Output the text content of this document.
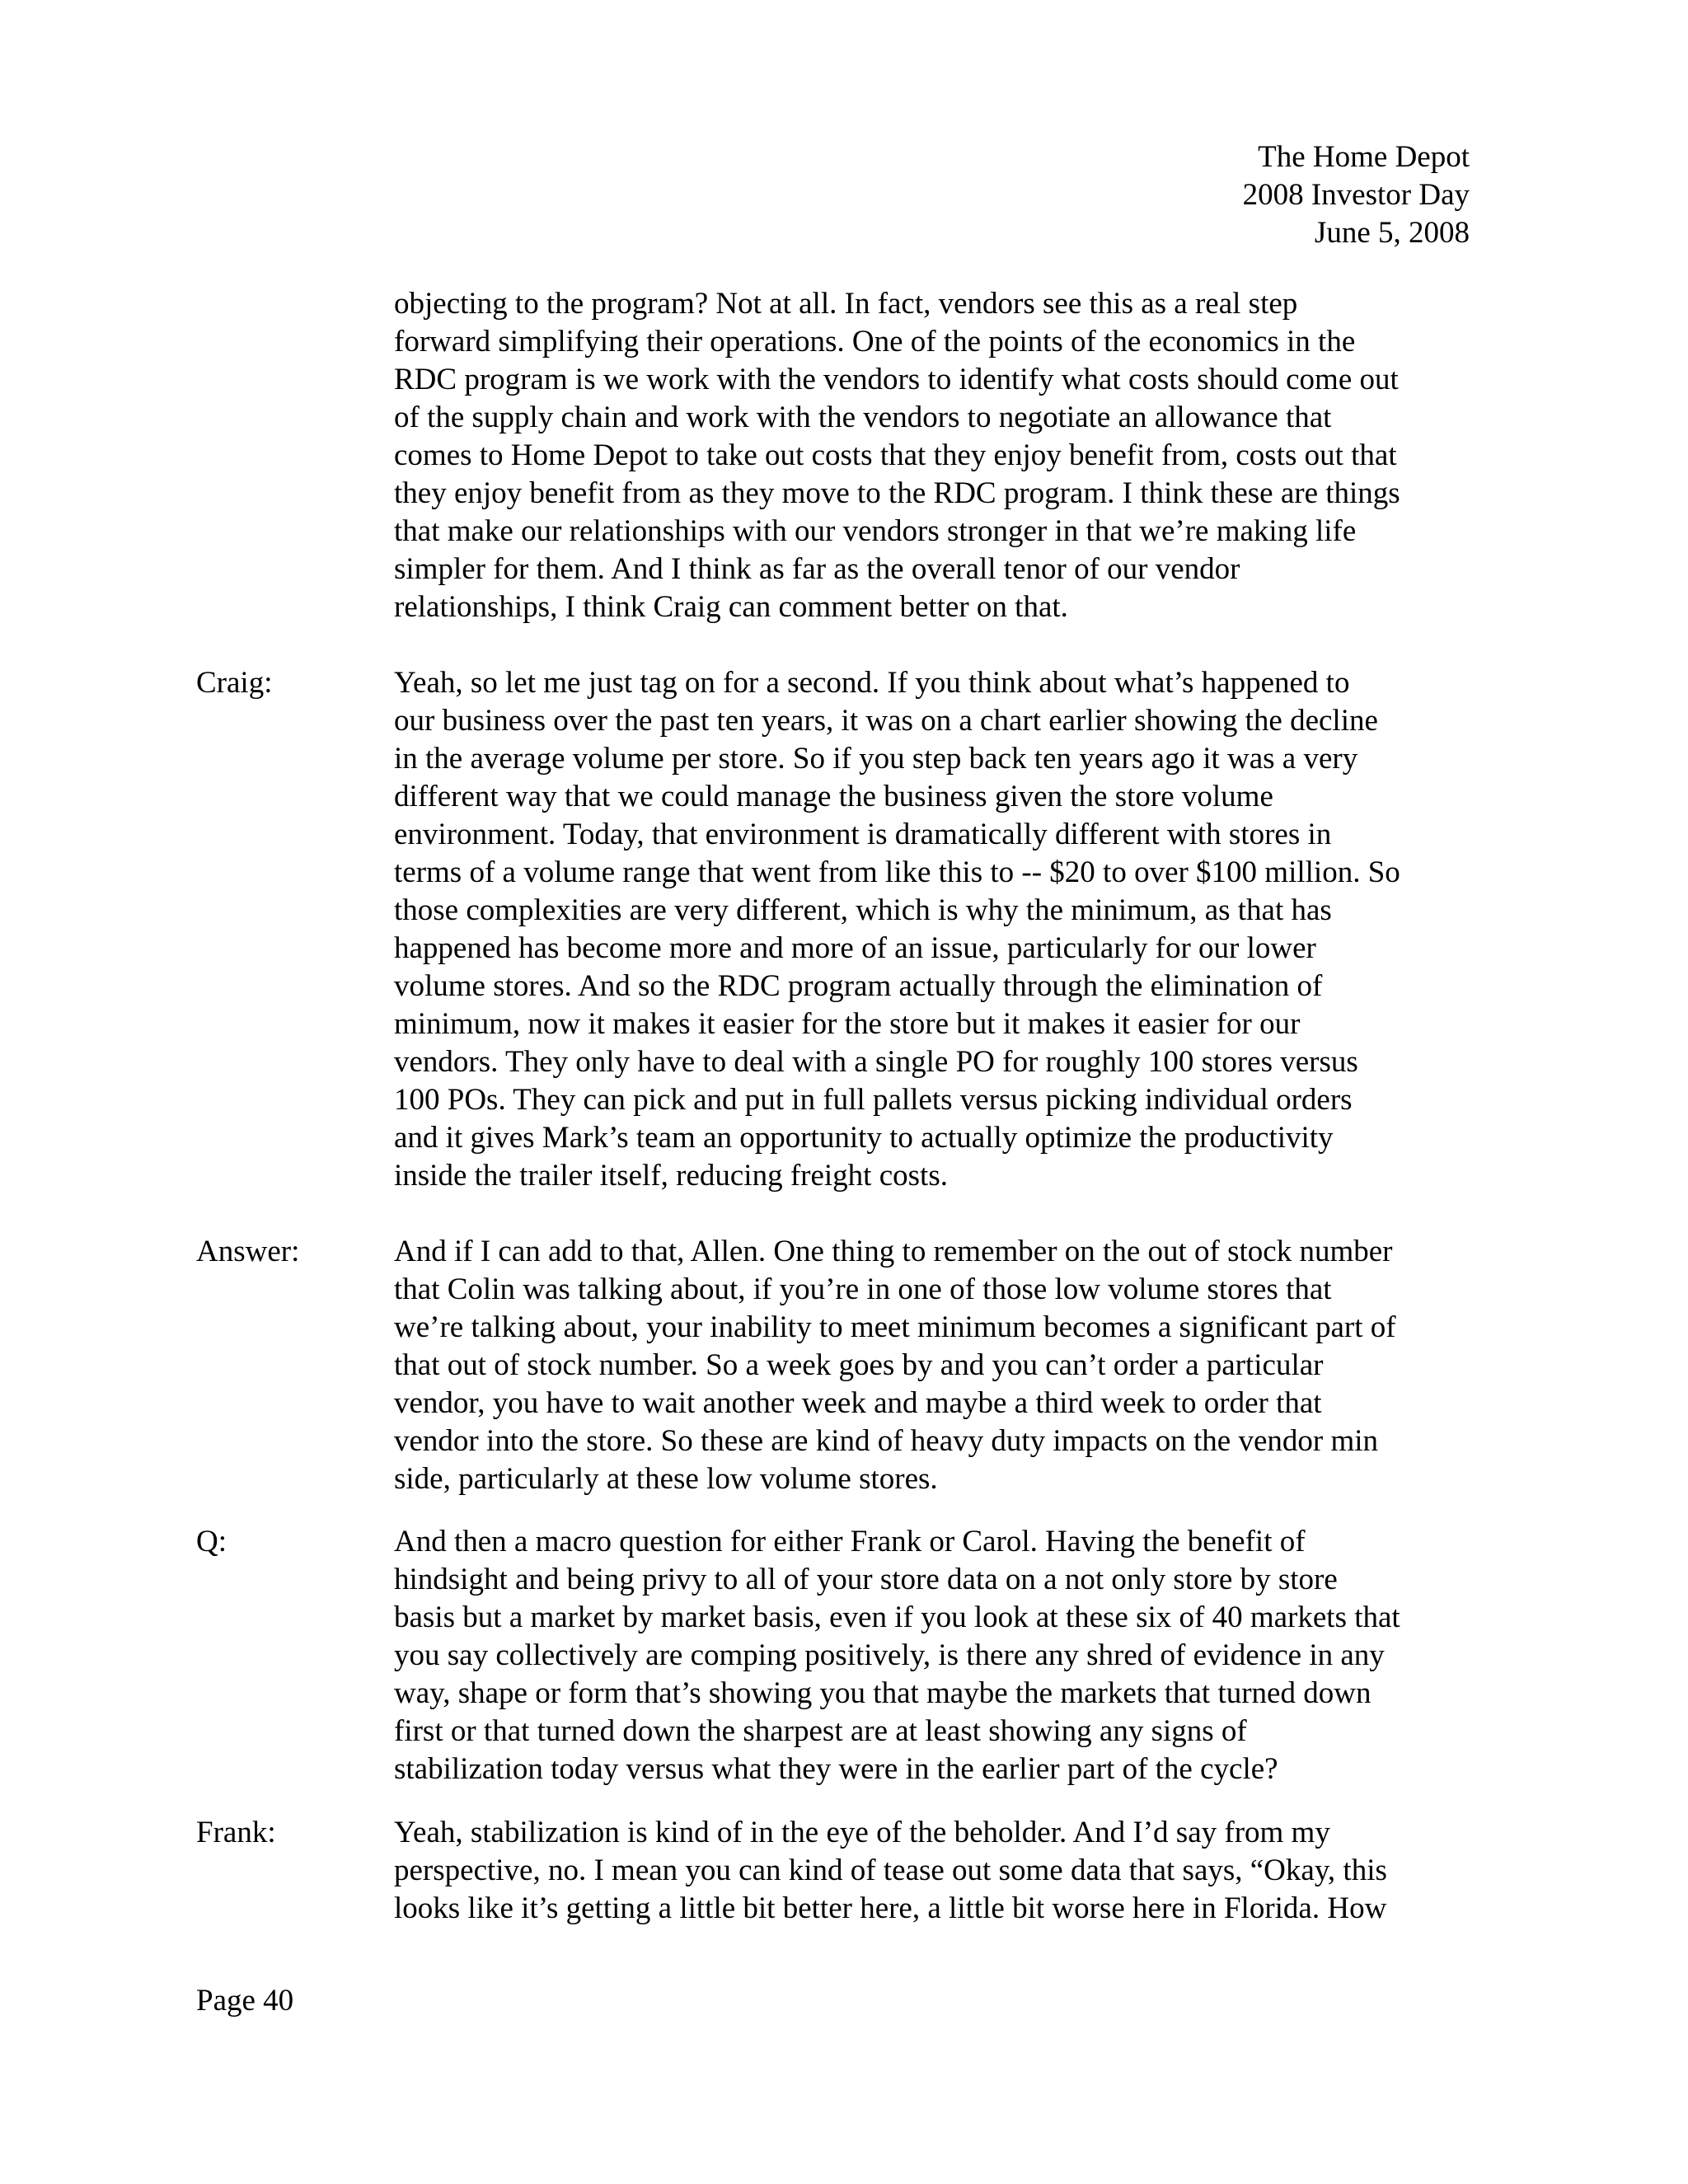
The Home Depot
2008 Investor Day
June 5, 2008
objecting to the program? Not at all. In fact, vendors see this as a real step
forward simplifying their operations. One of the points of the economics in the
RDC program is we work with the vendors to identify what costs should come out
of the supply chain and work with the vendors to negotiate an allowance that
comes to Home Depot to take out costs that they enjoy benefit from, costs out that
they enjoy benefit from as they move to the RDC program. I think these are things
that make our relationships with our vendors stronger in that we’re making life
simpler for them. And I think as far as the overall tenor of our vendor
relationships, I think Craig can comment better on that.
Craig:	Yeah, so let me just tag on for a second. If you think about what’s happened to
our business over the past ten years, it was on a chart earlier showing the decline
in the average volume per store. So if you step back ten years ago it was a very
different way that we could manage the business given the store volume
environment. Today, that environment is dramatically different with stores in
terms of a volume range that went from like this to -- $20 to over $100 million. So
those complexities are very different, which is why the minimum, as that has
happened has become more and more of an issue, particularly for our lower
volume stores. And so the RDC program actually through the elimination of
minimum, now it makes it easier for the store but it makes it easier for our
vendors. They only have to deal with a single PO for roughly 100 stores versus
100 POs. They can pick and put in full pallets versus picking individual orders
and it gives Mark’s team an opportunity to actually optimize the productivity
inside the trailer itself, reducing freight costs.
Answer:	And if I can add to that, Allen. One thing to remember on the out of stock number
that Colin was talking about, if you’re in one of those low volume stores that
we’re talking about, your inability to meet minimum becomes a significant part of
that out of stock number. So a week goes by and you can’t order a particular
vendor, you have to wait another week and maybe a third week to order that
vendor into the store. So these are kind of heavy duty impacts on the vendor min
side, particularly at these low volume stores.
Q:	And then a macro question for either Frank or Carol. Having the benefit of
hindsight and being privy to all of your store data on a not only store by store
basis but a market by market basis, even if you look at these six of 40 markets that
you say collectively are comping positively, is there any shred of evidence in any
way, shape or form that’s showing you that maybe the markets that turned down
first or that turned down the sharpest are at least showing any signs of
stabilization today versus what they were in the earlier part of the cycle?
Frank:	Yeah, stabilization is kind of in the eye of the beholder. And I’d say from my
perspective, no. I mean you can kind of tease out some data that says, “Okay, this
looks like it’s getting a little bit better here, a little bit worse here in Florida. How
Page 40
